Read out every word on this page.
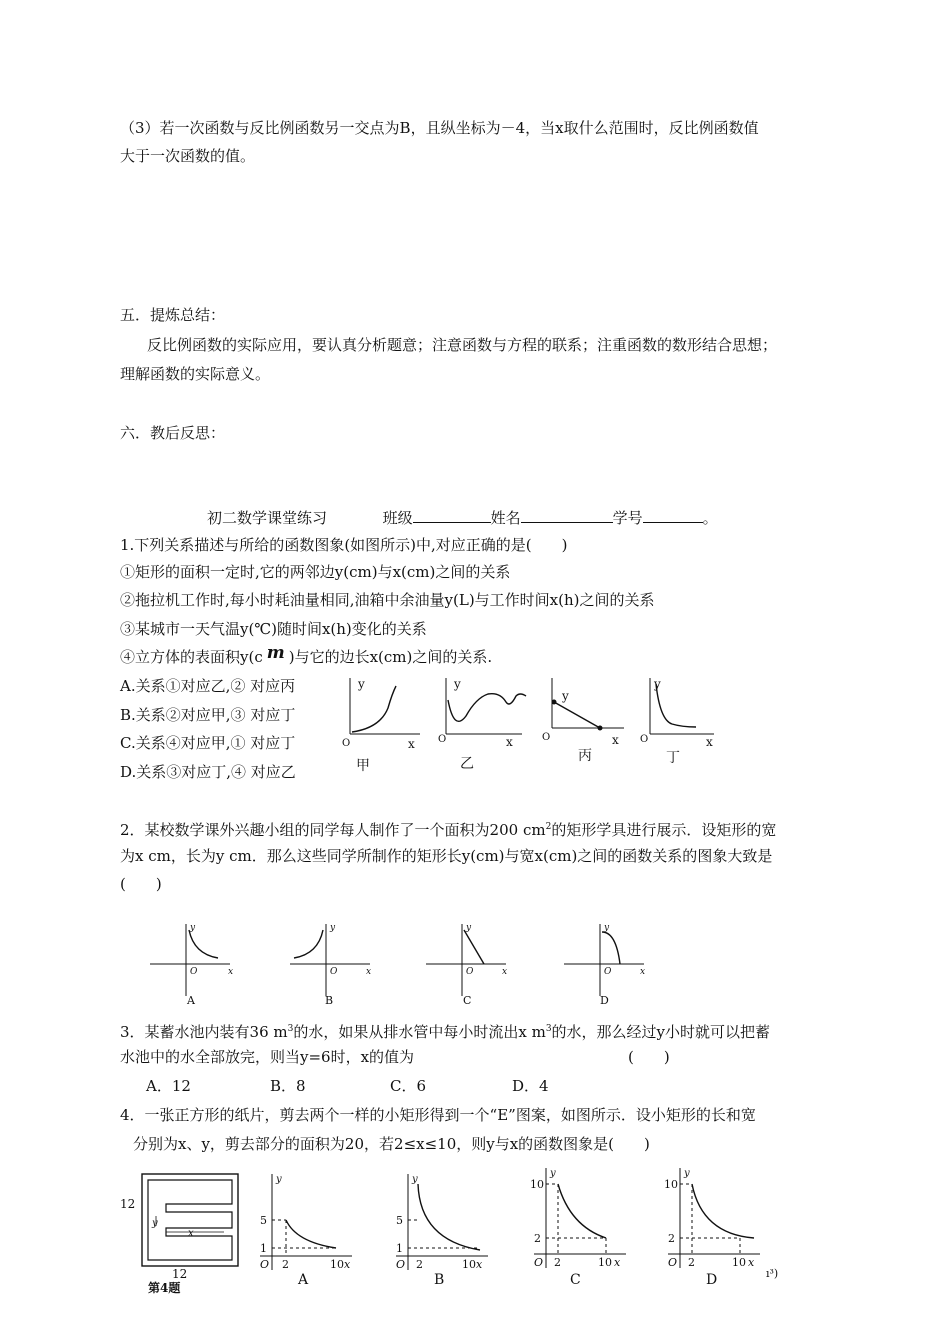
（3）若一次函数与反比例函数另一交点为B，且纵坐标为－4，当x取什么范围时，反比例函数值
大于一次函数的值。
五．提炼总结：
反比例函数的实际应用，要认真分析题意；注意函数与方程的联系；注重函数的数形结合思想；
理解函数的实际意义。
六．教后反思：
初二数学课堂练习	班级	姓名	学号	。
1.下列关系描述与所给的函数图象(如图所示)中,对应正确的是(　　)
①矩形的面积一定时,它的两邻边y(cm)与x(cm)之间的关系
②拖拉机工作时,每小时耗油量相同,油箱中余油量y(L)与工作时间x(h)之间的关系
③某城市一天气温y(℃)随时间x(h)变化的关系
④立方体的表面积y(c m )与它的边长x(cm)之间的关系.
A.关系①对应乙,② 对应丙
B.关系②对应甲,③ 对应丁
C.关系④对应甲,① 对应丁
D.关系③对应丁,④ 对应乙
y
O	x
甲
y
O	x
乙
y
O	x
丙
y
O	x
丁
2．某校数学课外兴趣小组的同学每人制作了一个面积为200 $cm^2$的矩形学具进行展示．设矩形的宽
为x cm，长为y cm．那么这些同学所制作的矩形长y(cm)与宽x(cm)之间的函数关系的图象大致是
(　　)
y
O	x
A
y
O	x
B
y
O	x
C
y
O	x
D
3．某蓄水池内装有36 $m^3$的水，如果从排水管中每小时流出x $m^3$的水，那么经过y小时就可以把蓄
水池中的水全部放完，则当y=6时，x的值为	(　　)
A．12	B．8	C．6	D．4
4．一张正方形的纸片，剪去两个一样的小矩形得到一个“E”图案，如图所示．设小矩形的长和宽
分别为x、y，剪去部分的面积为20，若2≤x≤10，则y与x的函数图象是(　　)
12
y
x
12
第4题
y
5
1
O 2	10 x
A
y
5
1
O 2	10 x
B
y
10
2
O 2	10 x
C
y
10
2
O 2	10 x
D	ı³)
